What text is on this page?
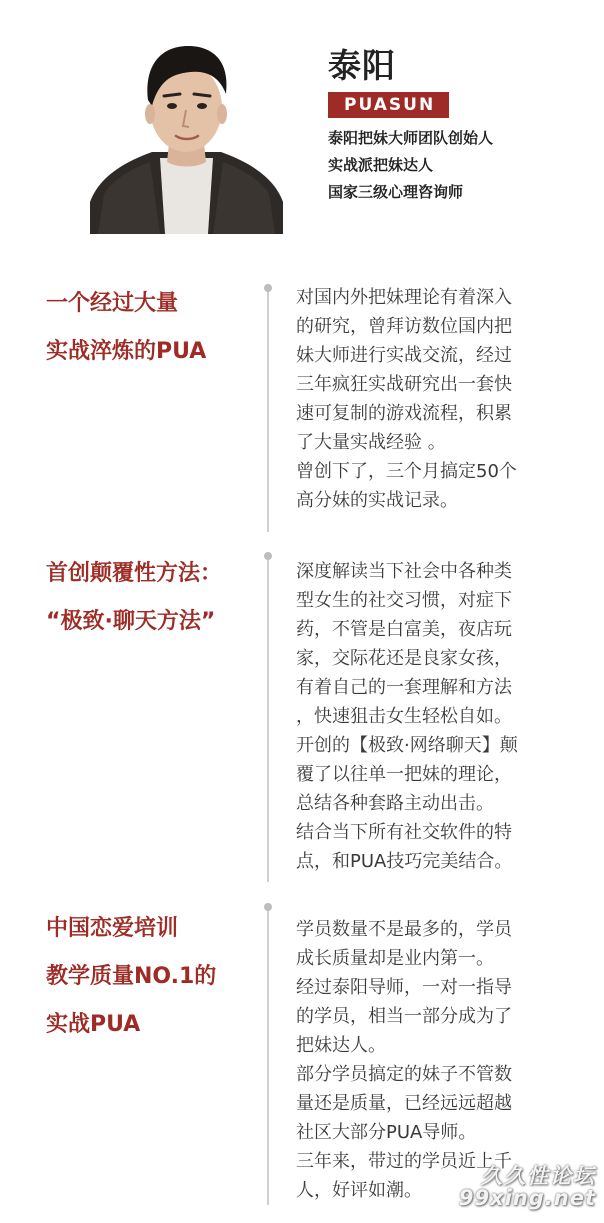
泰阳
PUASUN
泰阳把妹大师团队创始人
实战派把妹达人
国家三级心理咨询师
一个经过大量
实战淬炼的PUA
对国内外把妹理论有着深入
的研究，曾拜访数位国内把
妹大师进行实战交流，经过
三年疯狂实战研究出一套快
速可复制的游戏流程，积累
了大量实战经验 。
曾创下了，三个月搞定50个
高分妹的实战记录。
首创颠覆性方法：
“极致·聊天方法”
深度解读当下社会中各种类
型女生的社交习惯，对症下
药，不管是白富美，夜店玩
家，交际花还是良家女孩，
有着自己的一套理解和方法
，快速狙击女生轻松自如。
开创的【极致·网络聊天】颠
覆了以往单一把妹的理论，
总结各种套路主动出击。
结合当下所有社交软件的特
点，和PUA技巧完美结合。
中国恋爱培训
教学质量NO.1的
实战PUA
学员数量不是最多的，学员
成长质量却是业内第一。
经过泰阳导师，一对一指导
的学员，相当一部分成为了
把妹达人。
部分学员搞定的妹子不管数
量还是质量，已经远远超越
社区大部分PUA导师。
三年来，带过的学员近上千
人，好评如潮。
久久性论坛
99xing.net
